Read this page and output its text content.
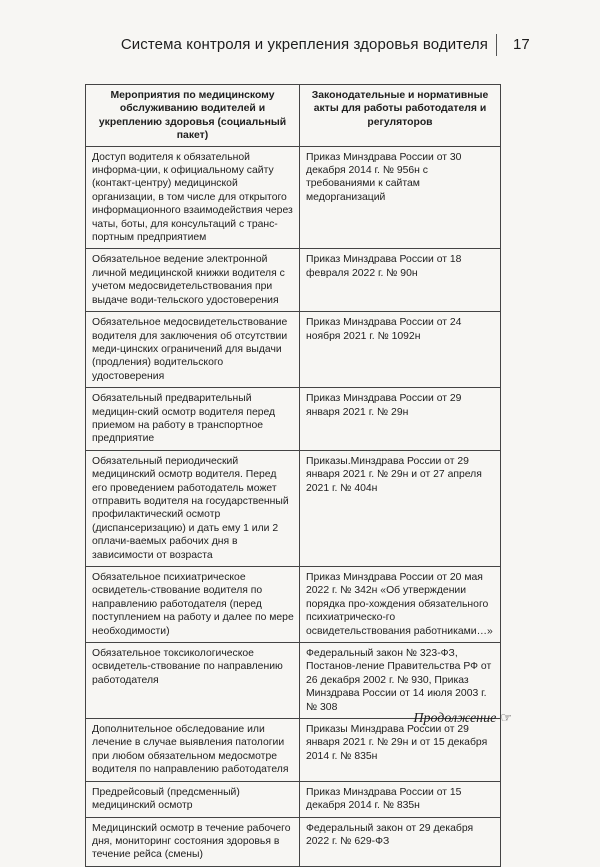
Система контроля и укрепления здоровья водителя 17
Мероприятия по медицинскому обслуживанию водителей и укреплению здоровья (социальный пакет)	Законодательные и нормативные акты для работы работодателя и регуляторов
Доступ водителя к обязательной информа-ции, к официальному сайту (контакт-центру) медицинской организации, в том числе для открытого информационного взаимодействия через чаты, боты, для консультаций с транс-портным предприятием	Приказ Минздрава России от 30 декабря 2014 г. № 956н с требованиями к сайтам медорганизаций
Обязательное ведение электронной личной медицинской книжки водителя с учетом медосвидетельствования при выдаче води-тельского удостоверения	Приказ Минздрава России от 18 февраля 2022 г. № 90н
Обязательное медосвидетельствование водителя для заключения об отсутствии меди-цинских ограничений для выдачи (продления) водительского удостоверения	Приказ Минздрава России от 24 ноября 2021 г. № 1092н
Обязательный предварительный медицин-ский осмотр водителя перед приемом на работу в транспортное предприятие	Приказ Минздрава России от 29 января 2021 г. № 29н
Обязательный периодический медицинский осмотр водителя. Перед его проведением работодатель может отправить водителя на государственный профилактический осмотр (диспансеризацию) и дать ему 1 или 2 оплачи-ваемых рабочих дня в зависимости от возраста	Приказы.Минздрава России от 29 января 2021 г. № 29н и от 27 апреля 2021 г. № 404н
Обязательное психиатрическое освидетель-ствование водителя по направлению работодателя (перед поступлением на работу и далее по мере необходимости)	Приказ Минздрава России от 20 мая 2022 г. № 342н «Об утверждении порядка про-хождения обязательного психиатрическо-го освидетельствования работниками…»
Обязательное токсикологическое освидетель-ствование по направлению работодателя	Федеральный закон № 323-ФЗ, Постанов-ление Правительства РФ от 26 декабря 2002 г. № 930, Приказ Минздрава России от 14 июля 2003 г. № 308
Дополнительное обследование или лечение в случае выявления патологии при любом обязательном медосмотре водителя по направлению работодателя	Приказы Минздрава России от 29 января 2021 г. № 29н и от 15 декабря 2014 г. № 835н
Предрейсовый (предсменный) медицинский осмотр	Приказ Минздрава России от 15 декабря 2014 г. № 835н
Медицинский осмотр в течение рабочего дня, мониторинг состояния здоровья в течение рейса (смены)	Федеральный закон от 29 декабря 2022 г. № 629-ФЗ
Продолжение ☞
